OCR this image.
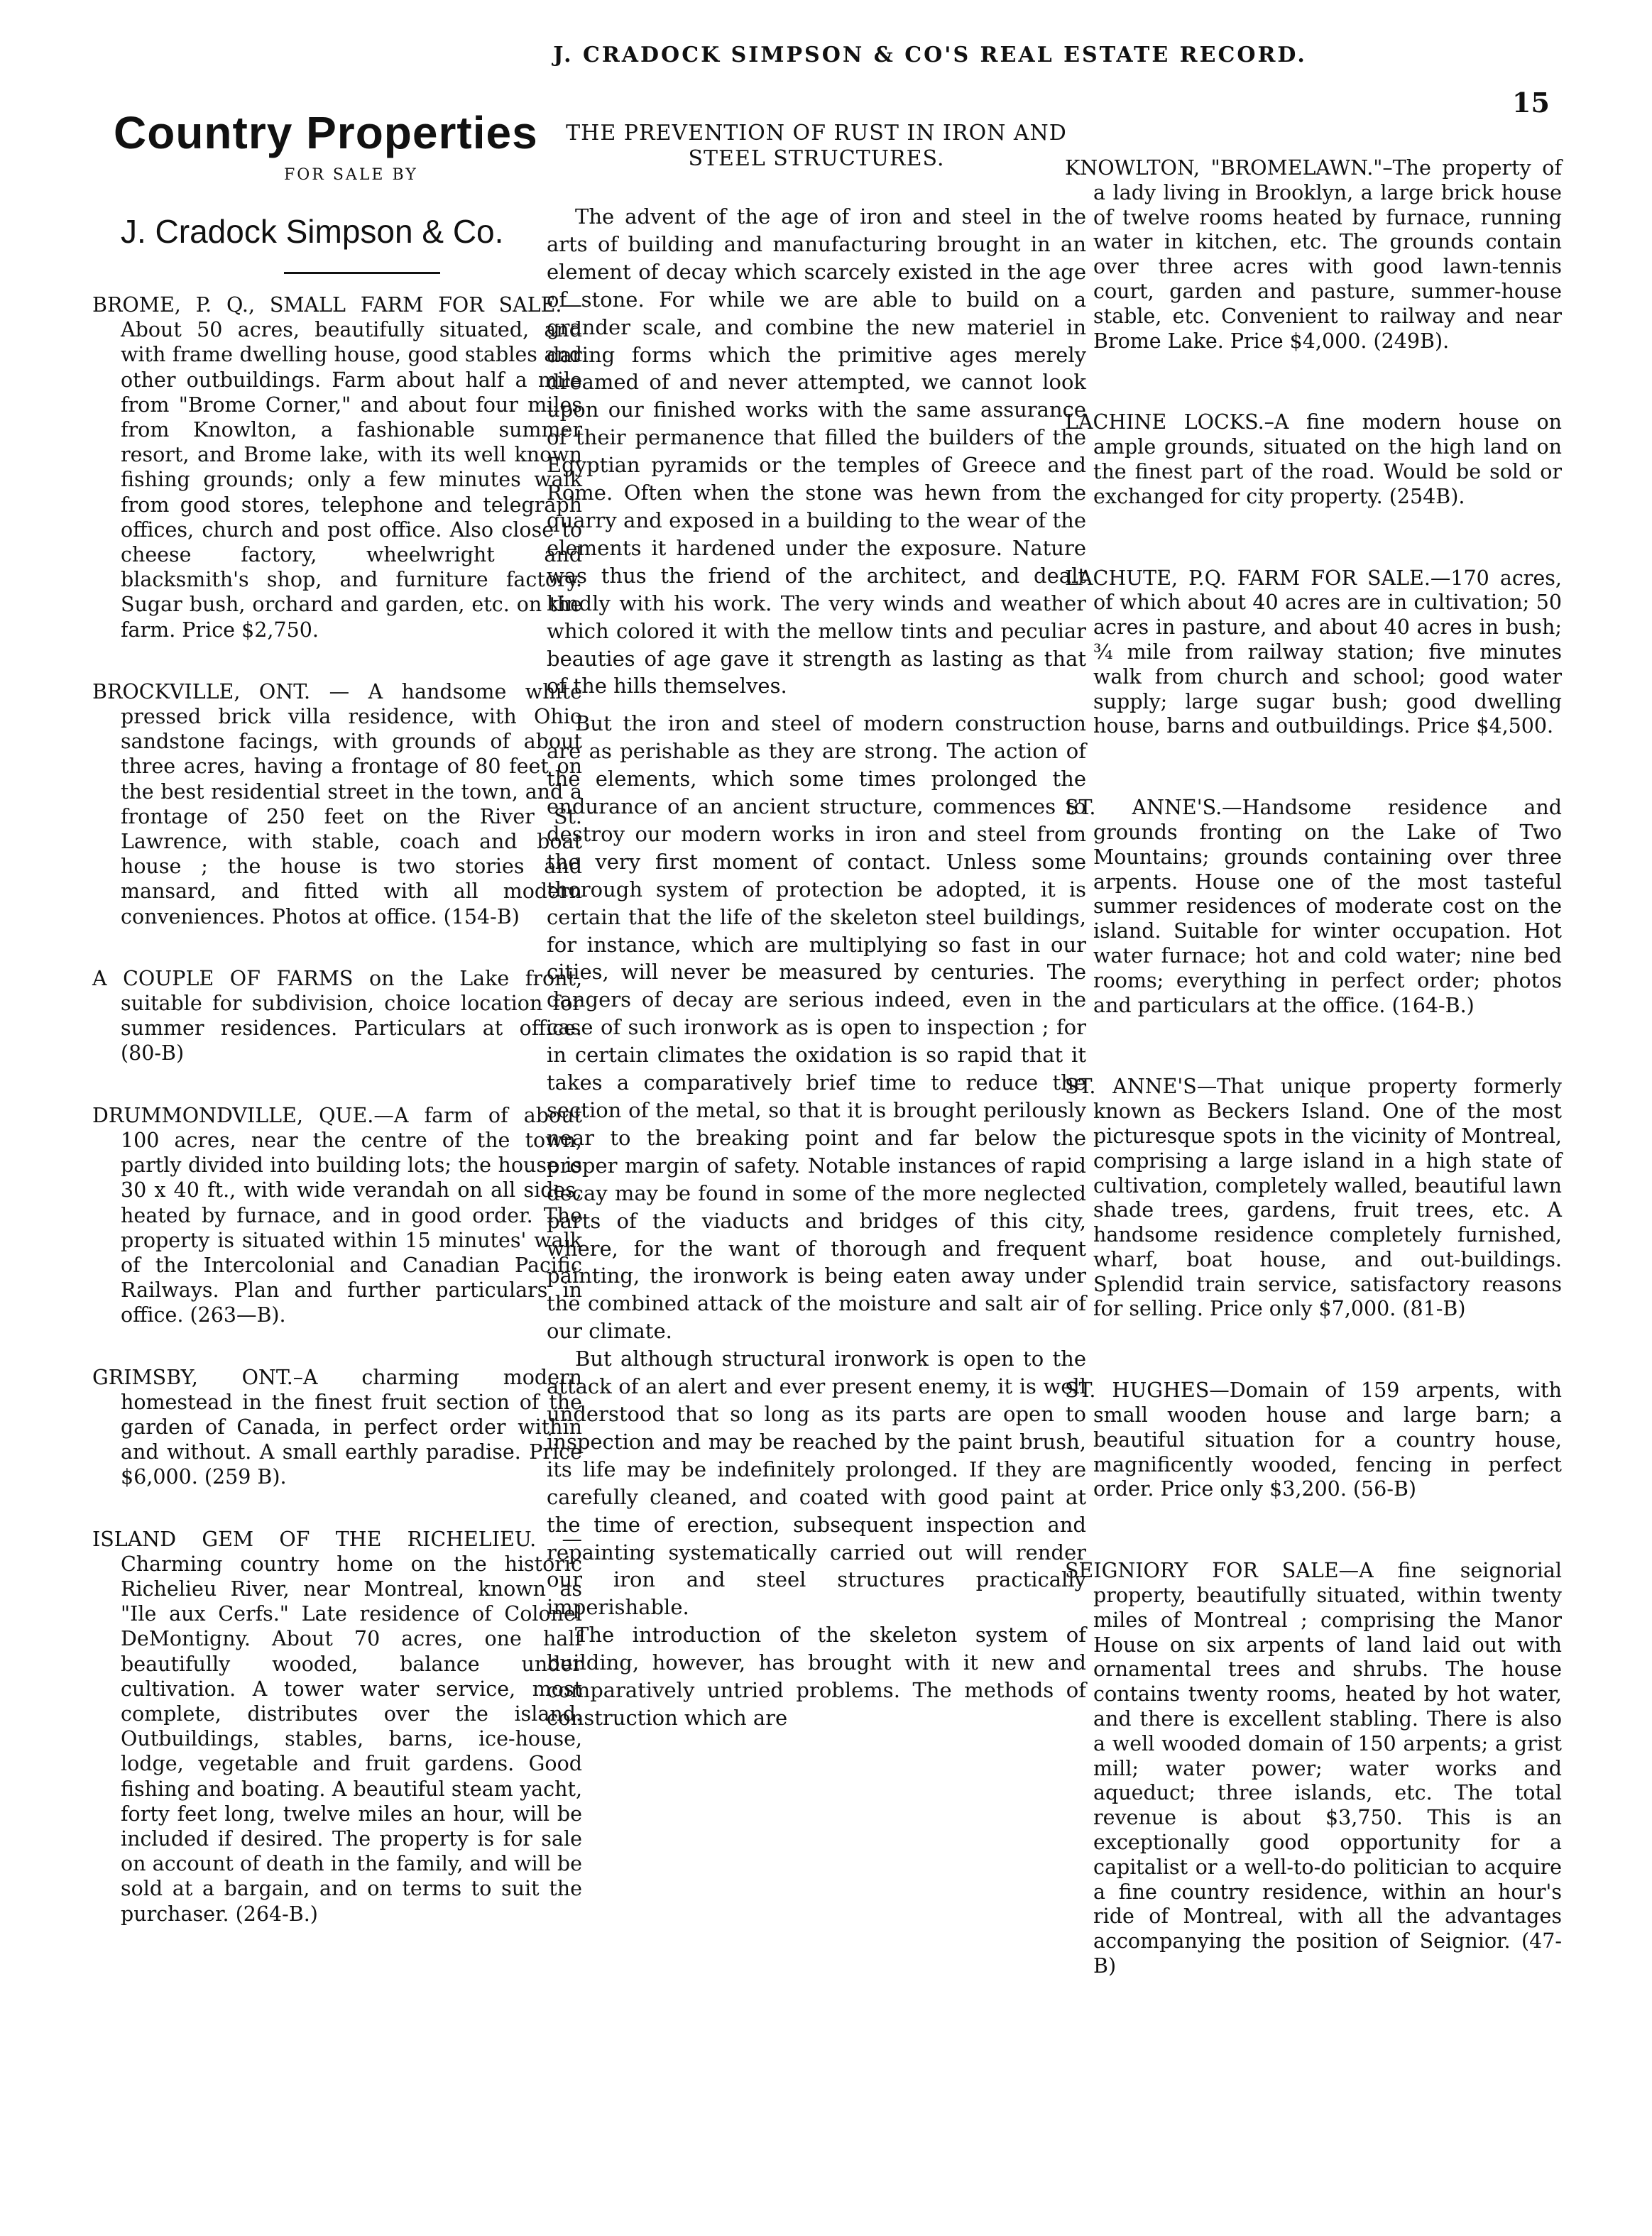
J. CRADOCK SIMPSON & CO'S REAL ESTATE RECORD.
15
Country Properties
FOR SALE BY
J. Cradock Simpson & Co.

BROME, P. Q., SMALL FARM FOR SALE.—About 50 acres, beautifully situated, and with frame dwelling house, good stables and other outbuildings. Farm about half a mile from "Brome Corner," and about four miles from Knowlton, a fashionable summer resort, and Brome lake, with its well known fishing grounds; only a few minutes walk from good stores, telephone and telegraph offices, church and post office. Also close to cheese factory, wheelwright and blacksmith's shop, and furniture factory. Sugar bush, orchard and garden, etc. on the farm. Price $2,750.

BROCKVILLE, ONT. — A handsome white pressed brick villa residence, with Ohio sandstone facings, with grounds of about three acres, having a frontage of 80 feet on the best residential street in the town, and a frontage of 250 feet on the River St. Lawrence, with stable, coach and boat house ; the house is two stories and mansard, and fitted with all modern conveniences. Photos at office. (154-B)

A COUPLE OF FARMS on the Lake front, suitable for subdivision, choice location for summer residences. Particulars at office. (80-B)

DRUMMONDVILLE, QUE.—A farm of about 100 acres, near the centre of the town, partly divided into building lots; the house is 30 x 40 ft., with wide verandah on all sides, heated by furnace, and in good order. The property is situated within 15 minutes' walk of the Intercolonial and Canadian Pacific Railways. Plan and further particulars in office. (263—B).

GRIMSBY, ONT.–A charming modern homestead in the finest fruit section of the garden of Canada, in perfect order within and without. A small earthly paradise. Price $6,000. (259 B).

ISLAND GEM OF THE RICHELIEU. —Charming country home on the historic Richelieu River, near Montreal, known as "Ile aux Cerfs." Late residence of Colonel DeMontigny. About 70 acres, one half beautifully wooded, balance under cultivation. A tower water service, most complete, distributes over the island. Outbuildings, stables, barns, ice-house, lodge, vegetable and fruit gardens. Good fishing and boating. A beautiful steam yacht, forty feet long, twelve miles an hour, will be included if desired. The property is for sale on account of death in the family, and will be sold at a bargain, and on terms to suit the purchaser. (264-B.)

THE PREVENTION OF RUST IN IRON AND STEEL STRUCTURES.

The advent of the age of iron and steel in the arts of building and manufacturing brought in an element of decay which scarcely existed in the age of stone. For while we are able to build on a grander scale, and combine the new materiel in daring forms which the primitive ages merely dreamed of and never attempted, we cannot look upon our finished works with the same assurance of their permanence that filled the builders of the Egyptian pyramids or the temples of Greece and Rome. Often when the stone was hewn from the quarry and exposed in a building to the wear of the elements it hardened under the exposure. Nature was thus the friend of the architect, and dealt kindly with his work. The very winds and weather which colored it with the mellow tints and peculiar beauties of age gave it strength as lasting as that of the hills themselves.

But the iron and steel of modern construction are as perishable as they are strong. The action of the elements, which some times prolonged the endurance of an ancient structure, commences to destroy our modern works in iron and steel from the very first moment of contact. Unless some thorough system of protection be adopted, it is certain that the life of the skeleton steel buildings, for instance, which are multiplying so fast in our cities, will never be measured by centuries. The dangers of decay are serious indeed, even in the case of such ironwork as is open to inspection ; for in certain climates the oxidation is so rapid that it takes a comparatively brief time to reduce the section of the metal, so that it is brought perilously near to the breaking point and far below the proper margin of safety. Notable instances of rapid decay may be found in some of the more neglected parts of the viaducts and bridges of this city, where, for the want of thorough and frequent painting, the ironwork is being eaten away under the combined attack of the moisture and salt air of our climate.

But although structural ironwork is open to the attack of an alert and ever present enemy, it is well understood that so long as its parts are open to inspection and may be reached by the paint brush, its life may be indefinitely prolonged. If they are carefully cleaned, and coated with good paint at the time of erection, subsequent inspection and repainting systematically carried out will render our iron and steel structures practically imperishable.

The introduction of the skeleton system of building, however, has brought with it new and comparatively untried problems. The methods of construction which are

KNOWLTON, "BROMELAWN."–The property of a lady living in Brooklyn, a large brick house of twelve rooms heated by furnace, running water in kitchen, etc. The grounds contain over three acres with good lawn-tennis court, garden and pasture, summer-house stable, etc. Convenient to railway and near Brome Lake. Price $4,000. (249B).

LACHINE LOCKS.–A fine modern house on ample grounds, situated on the high land on the finest part of the road. Would be sold or exchanged for city property. (254B).

LACHUTE, P.Q. FARM FOR SALE.—170 acres, of which about 40 acres are in cultivation; 50 acres in pasture, and about 40 acres in bush; ¾ mile from railway station; five minutes walk from church and school; good water supply; large sugar bush; good dwelling house, barns and outbuildings. Price $4,500.

ST. ANNE'S.—Handsome residence and grounds fronting on the Lake of Two Mountains; grounds containing over three arpents. House one of the most tasteful summer residences of moderate cost on the island. Suitable for winter occupation. Hot water furnace; hot and cold water; nine bed rooms; everything in perfect order; photos and particulars at the office. (164-B.)

ST. ANNE'S—That unique property formerly known as Beckers Island. One of the most picturesque spots in the vicinity of Montreal, comprising a large island in a high state of cultivation, completely walled, beautiful lawn shade trees, gardens, fruit trees, etc. A handsome residence completely furnished, wharf, boat house, and out-buildings. Splendid train service, satisfactory reasons for selling. Price only $7,000. (81-B)

ST. HUGHES—Domain of 159 arpents, with small wooden house and large barn; a beautiful situation for a country house, magnificently wooded, fencing in perfect order. Price only $3,200. (56-B)

SEIGNIORY FOR SALE—A fine seignorial property, beautifully situated, within twenty miles of Montreal ; comprising the Manor House on six arpents of land laid out with ornamental trees and shrubs. The house contains twenty rooms, heated by hot water, and there is excellent stabling. There is also a well wooded domain of 150 arpents; a grist mill; water power; water works and aqueduct; three islands, etc. The total revenue is about $3,750. This is an exceptionally good opportunity for a capitalist or a well-to-do politician to acquire a fine country residence, within an hour's ride of Montreal, with all the advantages accompanying the position of Seignior. (47-B)
